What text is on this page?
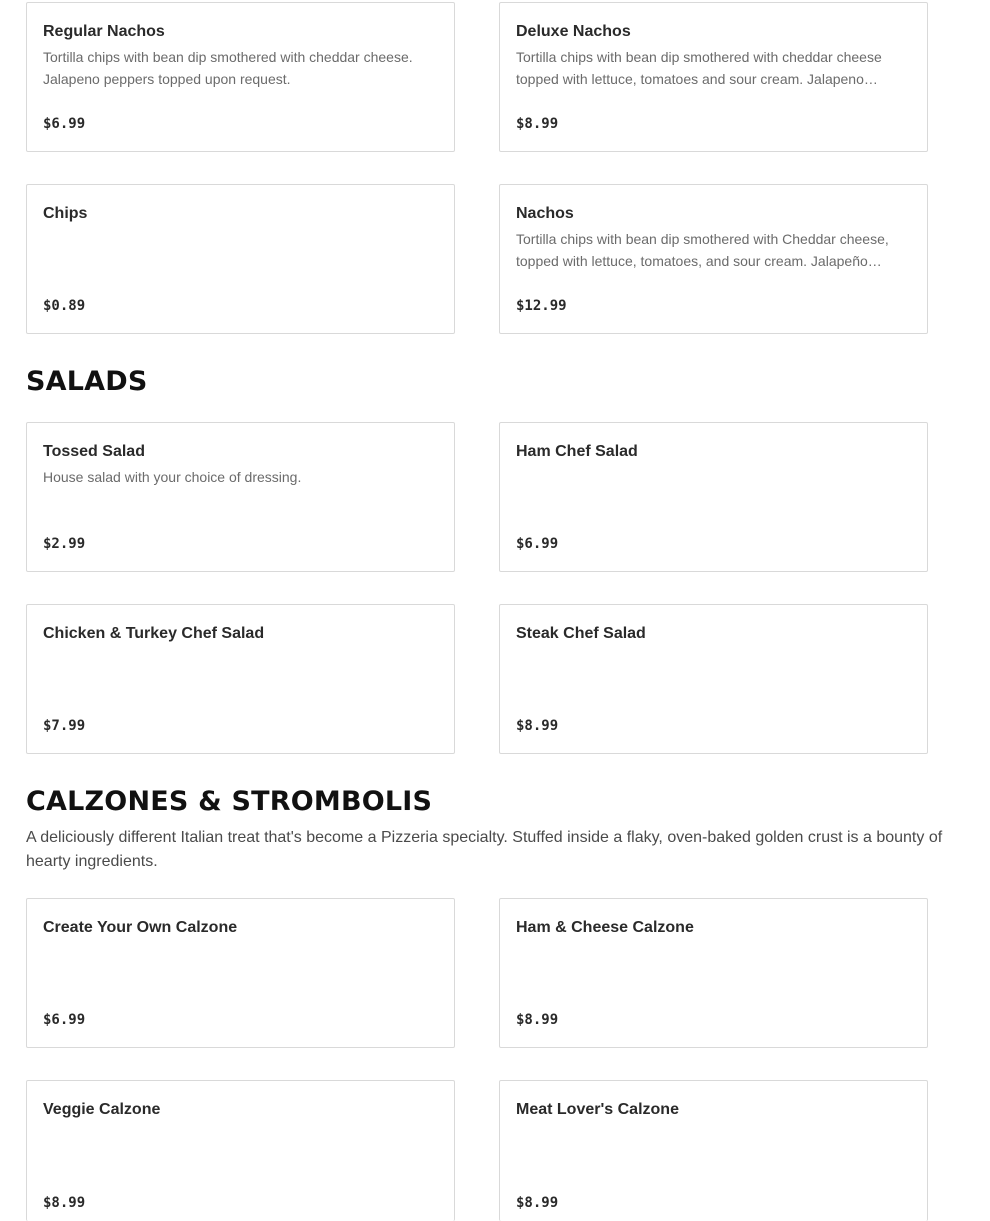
Regular Nachos
Tortilla chips with bean dip smothered with cheddar cheese. Jalapeno peppers topped upon request.
$6.99
Deluxe Nachos
Tortilla chips with bean dip smothered with cheddar cheese topped with lettuce, tomatoes and sour cream. Jalapeno…
$8.99
Chips
$0.89
Nachos
Tortilla chips with bean dip smothered with Cheddar cheese, topped with lettuce, tomatoes, and sour cream. Jalapeño…
$12.99
SALADS
Tossed Salad
House salad with your choice of dressing.
$2.99
Ham Chef Salad
$6.99
Chicken & Turkey Chef Salad
$7.99
Steak Chef Salad
$8.99
CALZONES & STROMBOLIS

A deliciously different Italian treat that's become a Pizzeria specialty. Stuffed inside a flaky, oven-baked golden crust is a bounty of hearty ingredients.

Create Your Own Calzone
$6.99
Ham & Cheese Calzone
$8.99
Veggie Calzone
$8.99
Meat Lover's Calzone
$8.99
